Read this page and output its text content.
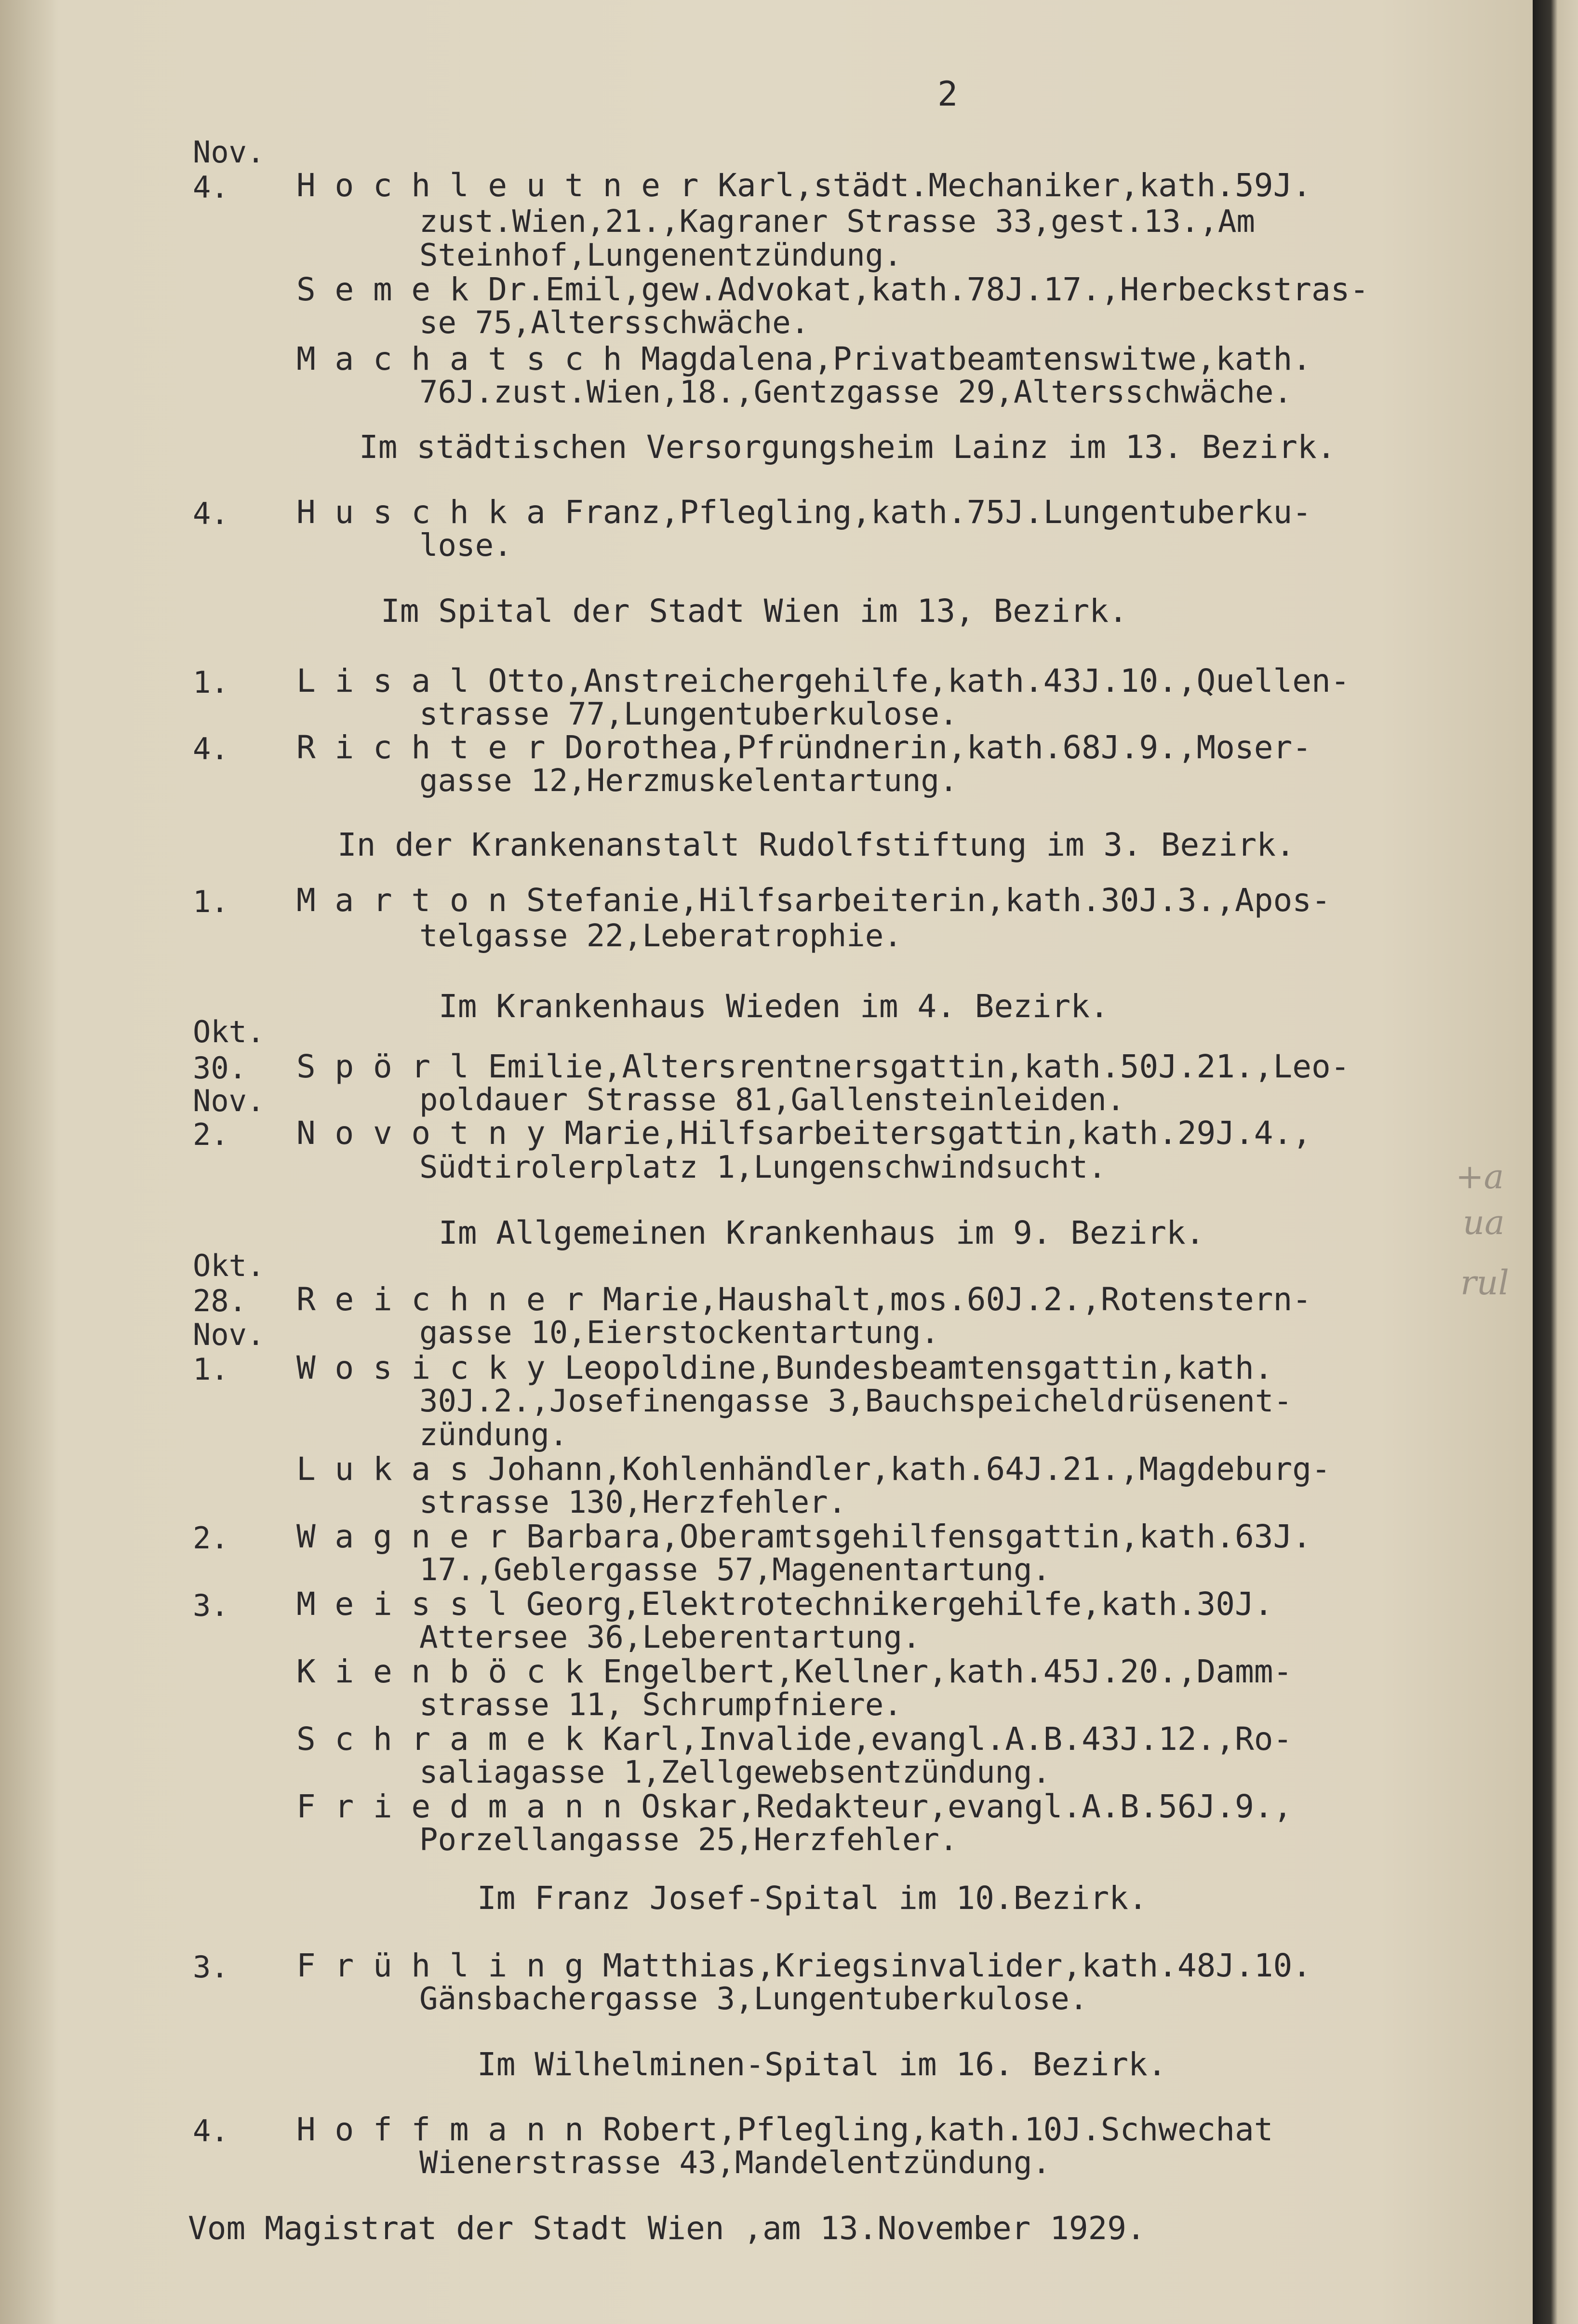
2
Nov.
4. H o c h l e u t n e r Karl,städt.Mechaniker,kath.59J.
zust.Wien,21.,Kagraner Strasse 33,gest.13.,Am
Steinhof,Lungenentzündung.
S e m e k Dr.Emil,gew.Advokat,kath.78J.17.,Herbeckstras-
se 75,Altersschwäche.
M a c h a t s c h Magdalena,Privatbeamtenswitwe,kath.
76J.zust.Wien,18.,Gentzgasse 29,Altersschwäche.
Im städtischen Versorgungsheim Lainz im 13. Bezirk.
4. H u s c h k a Franz,Pflegling,kath.75J.Lungentuberku-
lose.
Im Spital der Stadt Wien im 13, Bezirk.
1. L i s a l Otto,Anstreichergehilfe,kath.43J.10.,Quellen-
strasse 77,Lungentuberkulose.
4. R i c h t e r Dorothea,Pfründnerin,kath.68J.9.,Moser-
gasse 12,Herzmuskelentartung.
In der Krankenanstalt Rudolfstiftung im 3. Bezirk.
1. M a r t o n Stefanie,Hilfsarbeiterin,kath.30J.3.,Apos-
telgasse 22,Leberatrophie.
Im Krankenhaus Wieden im 4. Bezirk.
Okt.
30. S p ö r l Emilie,Altersrentnersgattin,kath.50J.21.,Leo-
Nov.	poldauer Strasse 81,Gallensteinleiden.
2. N o v o t n y Marie,Hilfsarbeitersgattin,kath.29J.4.,
Südtirolerplatz 1,Lungenschwindsucht.
Im Allgemeinen Krankenhaus im 9. Bezirk.
Okt.
28. R e i c h n e r Marie,Haushalt,mos.60J.2.,Rotenstern-
Nov.	gasse 10,Eierstockentartung.
1. W o s i c k y Leopoldine,Bundesbeamtensgattin,kath.
30J.2.,Josefinengasse 3,Bauchspeicheldrüsenent-
zündung.
L u k a s Johann,Kohlenhändler,kath.64J.21.,Magdeburg-
strasse 130,Herzfehler.
2. W a g n e r Barbara,Oberamtsgehilfensgattin,kath.63J.
17.,Geblergasse 57,Magenentartung.
3. M e i s s l Georg,Elektrotechnikergehilfe,kath.30J.
Attersee 36,Leberentartung.
K i e n b ö c k Engelbert,Kellner,kath.45J.20.,Damm-
strasse 11, Schrumpfniere.
S c h r a m e k Karl,Invalide,evangl.A.B.43J.12.,Ro-
saliagasse 1,Zellgewebsentzündung.
F r i e d m a n n Oskar,Redakteur,evangl.A.B.56J.9.,
Porzellangasse 25,Herzfehler.
Im Franz Josef-Spital im 10.Bezirk.
3. F r ü h l i n g Matthias,Kriegsinvalider,kath.48J.10.
Gänsbachergasse 3,Lungentuberkulose.
Im Wilhelminen-Spital im 16. Bezirk.
4. H o f f m a n n Robert,Pflegling,kath.10J.Schwechat
Wienerstrasse 43,Mandelentzündung.
Vom Magistrat der Stadt Wien ,am 13.November 1929.
+a
ua
rul
